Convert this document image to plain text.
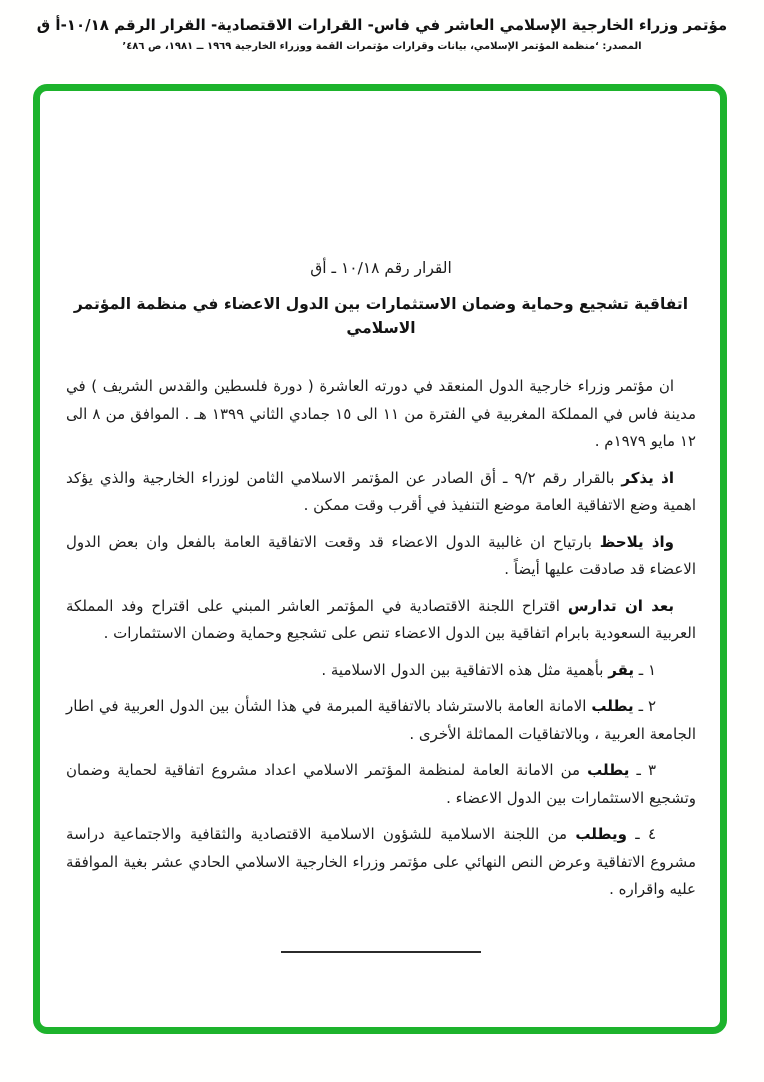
مؤتمر وزراء الخارجية الإسلامي العاشر في فاس- القرارات الاقتصادية- القرار الرقم ١٠/١٨-أ ق
المصدر: ‘منظمة المؤتمر الإسلامي، بيانات وقرارات مؤتمرات القمة ووزراء الخارجية ١٩٦٩ ــ ١٩٨١، ص ٤٨٦’
القرار رقم ١٠/١٨ ـ أق
اتفاقية تشجيع وحماية وضمان الاستثمارات بين الدول الاعضاء في منظمة المؤتمر الاسلامي

ان مؤتمر وزراء خارجية الدول المنعقد في دورته العاشرة ( دورة فلسطين والقدس الشريف ) في مدينة فاس في المملكة المغربية في الفترة من ١١ الى ١٥ جمادي الثاني ١٣٩٩ هـ . الموافق من ٨ الى ١٢ مايو ١٩٧٩م .

اذ يذكر بالقرار رقم ٩/٢ ـ أق الصادر عن المؤتمر الاسلامي الثامن لوزراء الخارجية والذي يؤكد اهمية وضع الاتفاقية العامة موضع التنفيذ في أقرب وقت ممكن .

واذ يلاحظ بارتياح ان غالبية الدول الاعضاء قد وقعت الاتفاقية العامة بالفعل وان بعض الدول الاعضاء قد صادقت عليها أيضاً .

بعد ان تدارس اقتراح اللجنة الاقتصادية في المؤتمر العاشر المبني على اقتراح وفد المملكة العربية السعودية بابرام اتفاقية بين الدول الاعضاء تنص على تشجيع وحماية وضمان الاستثمارات .

١ ـ يقر بأهمية مثل هذه الاتفاقية بين الدول الاسلامية .

٢ ـ يطلب الامانة العامة بالاسترشاد بالاتفاقية المبرمة في هذا الشأن بين الدول العربية في اطار الجامعة العربية ، وبالاتفاقيات المماثلة الأخرى .

٣ ـ يطلب من الامانة العامة لمنظمة المؤتمر الاسلامي اعداد مشروع اتفاقية لحماية وضمان وتشجيع الاستثمارات بين الدول الاعضاء .

٤ ـ ويطلب من اللجنة الاسلامية للشؤون الاسلامية الاقتصادية والثقافية والاجتماعية دراسة مشروع الاتفاقية وعرض النص النهائي على مؤتمر وزراء الخارجية الاسلامي الحادي عشر بغية الموافقة عليه واقراره .
